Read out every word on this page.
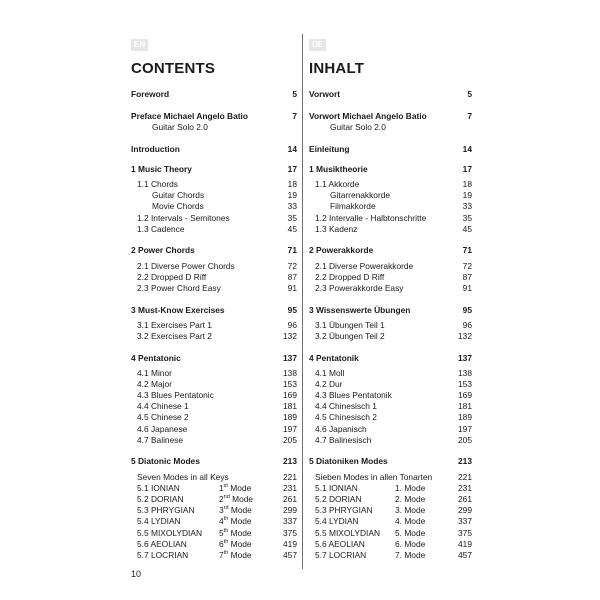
EN
CONTENTS
Foreword	5
Preface Michael Angelo Batio	7
Guitar Solo 2.0
Introduction	14
1 Music Theory	17
1.1 Chords	18
Guitar Chords	19
Movie Chords	33
1.2 Intervals - Semitones	35
1.3 Cadence	45
2 Power Chords	71
2.1 Diverse Power Chords	72
2.2 Dropped D Riff	87
2.3 Power Chord Easy	91
3 Must-Know Exercises	95
3.1 Exercises Part 1	96
3.2 Exercises Part 2	132
4 Pentatonic	137
4.1 Minor	138
4.2 Major	153
4.3 Blues Pentatonic	169
4.4 Chinese 1	181
4.5 Chinese 2	189
4.6 Japanese	197
4.7 Balinese	205
5 Diatonic Modes	213
Seven Modes in all Keys	221
5.1 IONIAN	1st Mode	231
5.2 DORIAN	2nd Mode	261
5.3 PHRYGIAN	3rd Mode	299
5.4 LYDIAN	4th Mode	337
5.5 MIXOLYDIAN 5th Mode	375
5.6 AEOLIAN	6th Mode	419
5.7 LOCRIAN	7th Mode	457
DE
INHALT
Vorwort	5
Vorwort Michael Angelo Batio	7
Guitar Solo 2.0
Einleitung	14
1 Musiktheorie	17
1.1 Akkorde	18
Gitarrenakkorde	19
Filmakkorde	33
1.2 Intervalle - Halbtonschritte	35
1.3 Kadenz	45
2 Powerakkorde	71
2.1 Diverse Powerakkorde	72
2.2 Dropped D Riff	87
2.3 Powerakkorde Easy	91
3 Wissenswerte Übungen	95
3.1 Übungen Teil 1	96
3.2 Übungen Teil 2	132
4 Pentatonik	137
4.1 Moll	138
4.2 Dur	153
4.3 Blues Pentatonik	169
4.4 Chinesisch 1	181
4.5 Chinesisch 2	189
4.6 Japanisch	197
4.7 Balinesisch	205
5 Diatoniken Modes	213
Sieben Modes in allen Tonarten	221
5.1 IONIAN	1. Mode	231
5.2 DORIAN	2. Mode	261
5.3 PHRYGIAN	3. Mode	299
5.4 LYDIAN	4. Mode	337
5.5 MIXOLYDIAN 5. Mode	375
5.6 AEOLIAN	6. Mode	419
5.7 LOCRIAN	7. Mode	457
10
